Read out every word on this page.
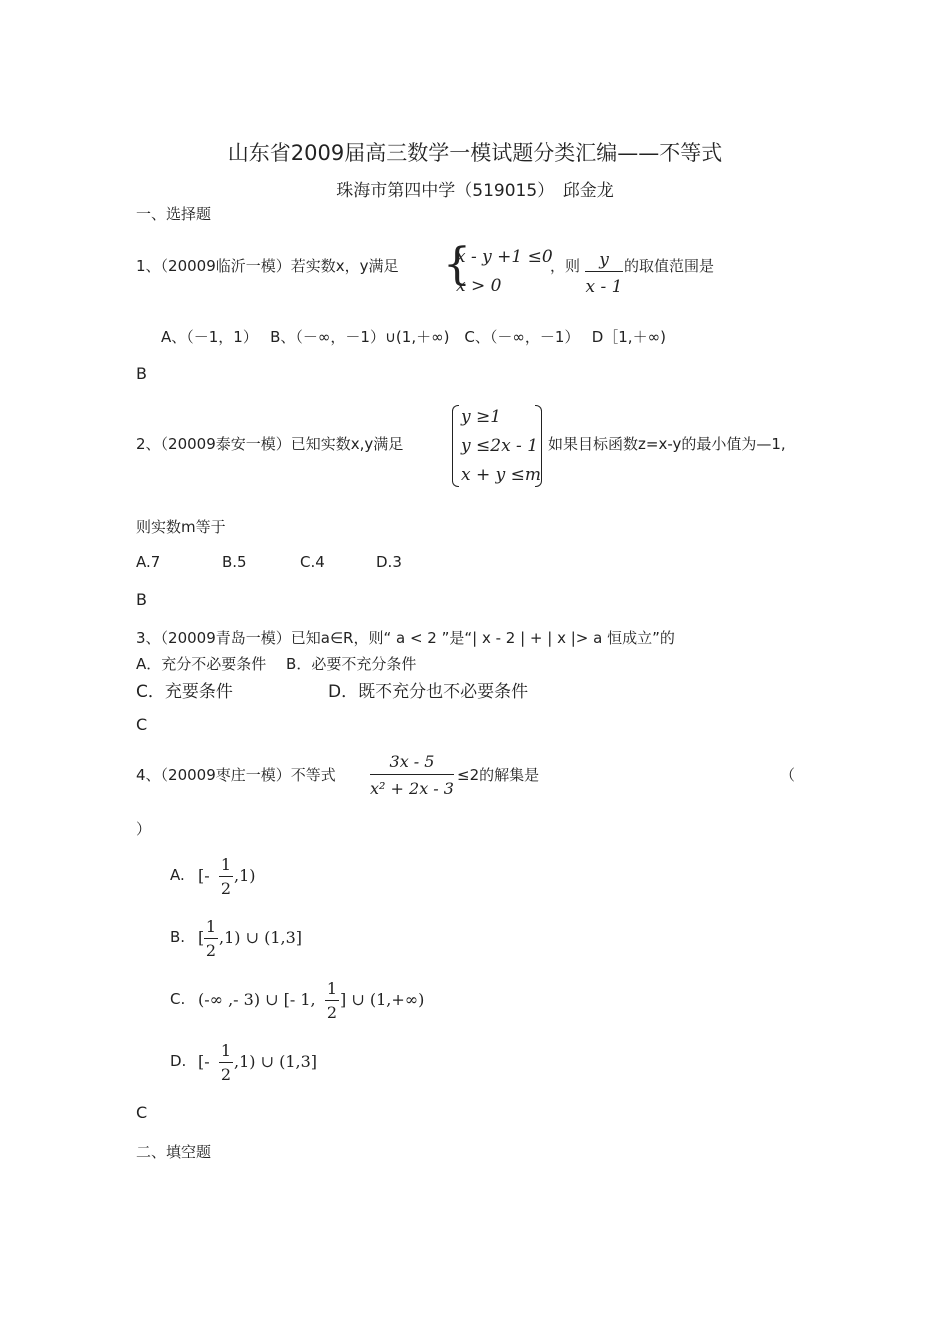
山东省2009届高三数学一模试题分类汇编——不等式
珠海市第四中学（519015）　邱金龙
一、选择题
1、（20009临沂一模）若实数x，y满足 {
x - y +1 ≤0
x > 0
，则	y
x - 1
的取值范围是
A、（－1，1）　 B、（－∞，－1）∪(1,＋∞)　C、（－∞，－1）　 D［1,＋∞)
B
2、（20009泰安一模）已知实数x,y满足
y ≥1
y ≤2x - 1
x + y ≤m
如果目标函数z=x-y的最小值为—1,
则实数m等于
A.7	B.5	C.4	D.3
B
3、（20009青岛一模）已知a∈R，则“ a < 2 ”是“| x - 2 | + | x |> a 恒成立”的
A．充分不必要条件　 B．必要不充分条件
C．充要条件	D．既不充分也不必要条件
C
4、（20009枣庄一模）不等式
3x - 5
x² + 2x - 3
≤2的解集是	（
）
A. [-
1
2
,1)
B. [
1
2
,1) ∪ (1,3]
C. (-∞ ,- 3) ∪ [- 1,
1
2
] ∪ (1,+∞)
D. [-
1
2
,1) ∪ (1,3]
C
二、填空题
